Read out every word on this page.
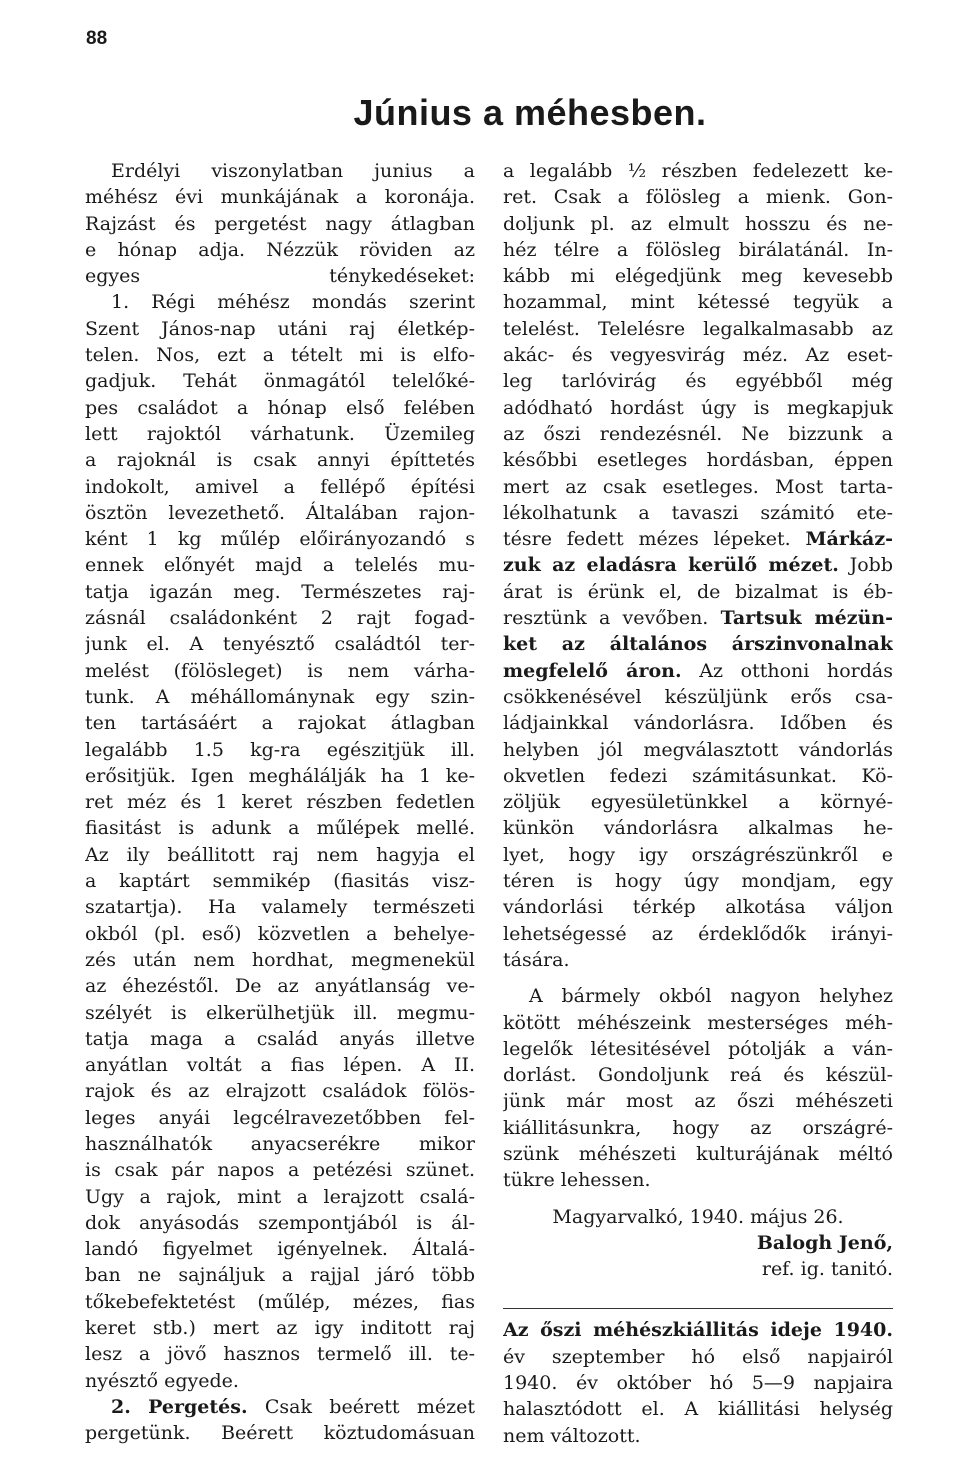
88
Június a méhesben.
Erdélyi viszonylatban junius a
méhész évi munkájának a koronája.
Rajzást és pergetést nagy átlagban
e hónap adja. Nézzük röviden az
egyes ténykedéseket:
1. Régi méhész mondás szerint
Szent János-nap utáni raj életkép-
telen. Nos, ezt a tételt mi is elfo-
gadjuk. Tehát önmagától telelőké-
pes családot a hónap első felében
lett rajoktól várhatunk. Üzemileg
a rajoknál is csak annyi építtetés
indokolt, amivel a fellépő építési
ösztön levezethető. Általában rajon-
ként 1 kg műlép előirányozandó s
ennek előnyét majd a telelés mu-
tatja igazán meg. Természetes raj-
zásnál családonként 2 rajt fogad-
junk el. A tenyésztő családtól ter-
melést (fölösleget) is nem várha-
tunk. A méhállománynak egy szin-
ten tartásáért a rajokat átlagban
legalább 1.5 kg-ra egészitjük ill.
erősitjük. Igen meghálálják ha 1 ke-
ret méz és 1 keret részben fedetlen
fiasitást is adunk a műlépek mellé.
Az ily beállitott raj nem hagyja el
a kaptárt semmikép (fiasitás visz-
szatartja). Ha valamely természeti
okból (pl. eső) közvetlen a behelye-
zés után nem hordhat, megmenekül
az éhezéstől. De az anyátlanság ve-
szélyét is elkerülhetjük ill. megmu-
tatja maga a család anyás illetve
anyátlan voltát a fias lépen. A II.
rajok és az elrajzott családok fölös-
leges anyái legcélravezetőbben fel-
használhatók anyacserékre mikor
is csak pár napos a petézési szünet.
Ugy a rajok, mint a lerajzott csalá-
dok anyásodás szempontjából is ál-
landó figyelmet igényelnek. Általá-
ban ne sajnáljuk a rajjal járó több
tőkebefektetést (műlép, mézes, fias
keret stb.) mert az igy inditott raj
lesz a jövő hasznos termelő ill. te-
nyésztő egyede.
2. Pergetés. Csak beérett mézet
pergetünk. Beérett köztudomásuan
a legalább ½ részben fedelezett ke-
ret. Csak a fölösleg a mienk. Gon-
doljunk pl. az elmult hosszu és ne-
héz télre a fölösleg birálatánál. In-
kább mi elégedjünk meg kevesebb
hozammal, mint kétessé tegyük a
telelést. Telelésre legalkalmasabb az
akác- és vegyesvirág méz. Az eset-
leg tarlóvirág és egyébből még
adódható hordást úgy is megkapjuk
az őszi rendezésnél. Ne bizzunk a
későbbi esetleges hordásban, éppen
mert az csak esetleges. Most tarta-
lékolhatunk a tavaszi számitó ete-
tésre fedett mézes lépeket. Márkáz-
zuk az eladásra kerülő mézet. Jobb
árat is érünk el, de bizalmat is éb-
resztünk a vevőben. Tartsuk mézün-
ket az általános árszinvonalnak
megfelelő áron. Az otthoni hordás
csökkenésével készüljünk erős csa-
ládjainkkal vándorlásra. Időben és
helyben jól megválasztott vándorlás
okvetlen fedezi számitásunkat. Kö-
zöljük egyesületünkkel a környé-
künkön vándorlásra alkalmas he-
lyet, hogy igy országrészünkről e
téren is hogy úgy mondjam, egy
vándorlási térkép alkotása váljon
lehetségessé az érdeklődők irányi-
tására.
A bármely okból nagyon helyhez
kötött méhészeink mesterséges méh-
legelők létesitésével pótolják a ván-
dorlást. Gondoljunk reá és készül-
jünk már most az őszi méhészeti
kiállitásunkra, hogy az országré-
szünk méhészeti kulturájának méltó
tükre lehessen.
Magyarvalkó, 1940. május 26.
Balogh Jenő,
ref. ig. tanitó.
Az őszi méhészkiállitás ideje 1940.
év szeptember hó első napjairól
1940. év október hó 5—9 napjaira
halasztódott el. A kiállitási helység
nem változott.
